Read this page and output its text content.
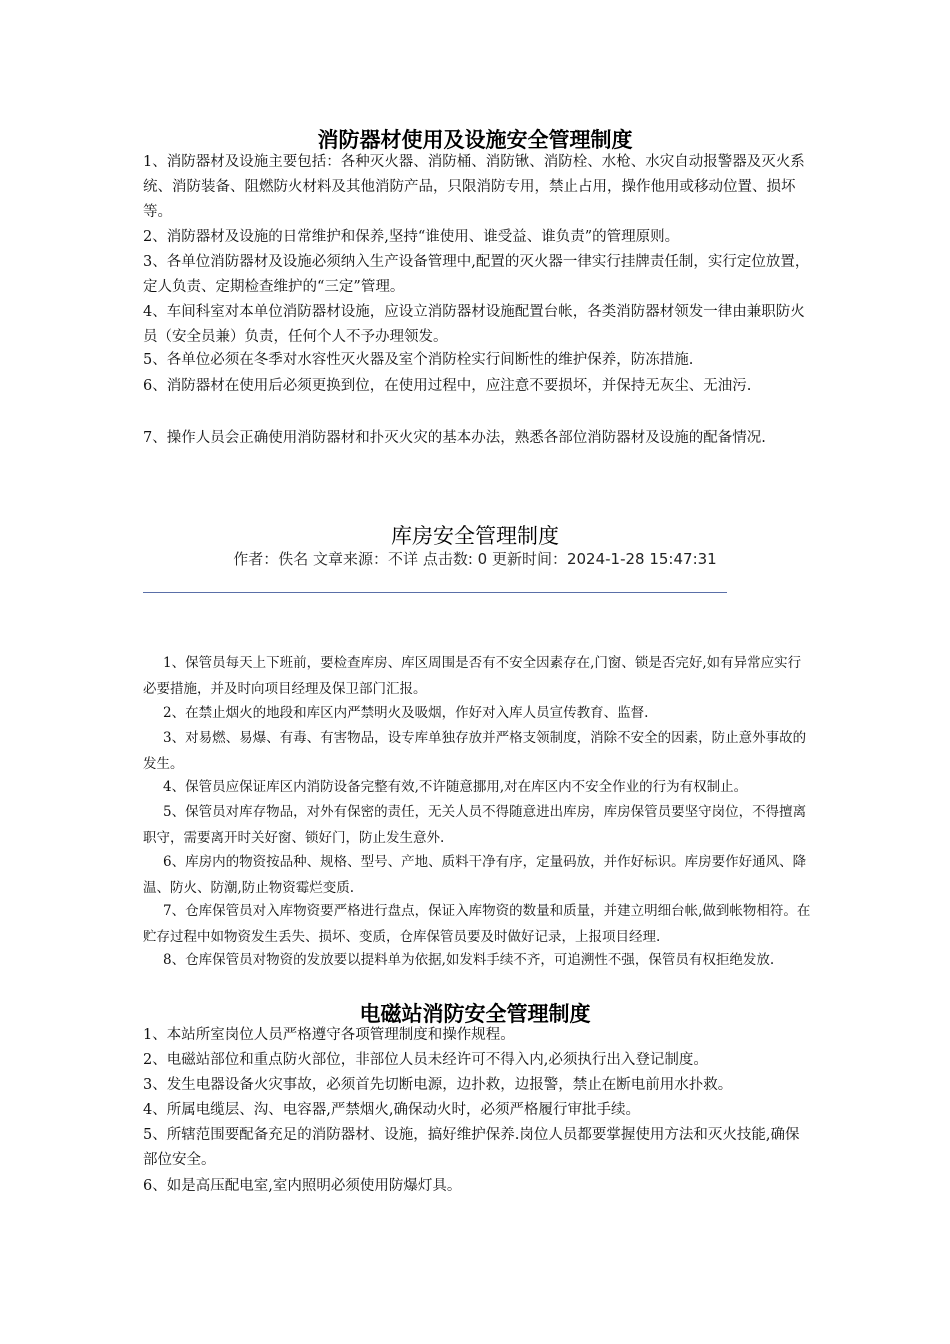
消防器材使用及设施安全管理制度

1、消防器材及设施主要包括：各种灭火器、消防桶、消防锹、消防栓、水枪、水灾自动报警器及灭火系统、消防装备、阻燃防火材料及其他消防产品，只限消防专用，禁止占用，操作他用或移动位置、损坏等。

2、消防器材及设施的日常维护和保养,坚持“谁使用、谁受益、谁负责”的管理原则。

3、各单位消防器材及设施必须纳入生产设备管理中,配置的灭火器一律实行挂牌责任制，实行定位放置，定人负责、定期检查维护的“三定”管理。

4、车间科室对本单位消防器材设施，应设立消防器材设施配置台帐，各类消防器材领发一律由兼职防火员（安全员兼）负责，任何个人不予办理领发。

5、各单位必须在冬季对水容性灭火器及室个消防栓实行间断性的维护保养，防冻措施.

6、消防器材在使用后必须更换到位，在使用过程中，应注意不要损坏，并保持无灰尘、无油污.

7、操作人员会正确使用消防器材和扑灭火灾的基本办法，熟悉各部位消防器材及设施的配备情况.

库房安全管理制度
作者：佚名 文章来源：不详 点击数: 0 更新时间：2024-1-28 15:47:31

1、保管员每天上下班前，要检查库房、库区周围是否有不安全因素存在,门窗、锁是否完好,如有异常应实行必要措施，并及时向项目经理及保卫部门汇报。

2、在禁止烟火的地段和库区内严禁明火及吸烟，作好对入库人员宣传教育、监督.

3、对易燃、易爆、有毒、有害物品，设专库单独存放并严格支领制度，消除不安全的因素，防止意外事故的发生。

4、保管员应保证库区内消防设备完整有效,不许随意挪用,对在库区内不安全作业的行为有权制止。

5、保管员对库存物品，对外有保密的责任，无关人员不得随意进出库房，库房保管员要坚守岗位，不得擅离职守，需要离开时关好窗、锁好门，防止发生意外.

6、库房内的物资按品种、规格、型号、产地、质料干净有序，定量码放，并作好标识。库房要作好通风、降温、防火、防潮,防止物资霉烂变质.

7、仓库保管员对入库物资要严格进行盘点，保证入库物资的数量和质量，并建立明细台帐,做到帐物相符。在贮存过程中如物资发生丢失、损坏、变质，仓库保管员要及时做好记录，上报项目经理.

8、仓库保管员对物资的发放要以提料单为依据,如发料手续不齐，可追溯性不强，保管员有权拒绝发放.

电磁站消防安全管理制度

1、本站所室岗位人员严格遵守各项管理制度和操作规程。

2、电磁站部位和重点防火部位，非部位人员未经许可不得入内,必须执行出入登记制度。

3、发生电器设备火灾事故，必须首先切断电源，边扑救，边报警，禁止在断电前用水扑救。

4、所属电缆层、沟、电容器,严禁烟火,确保动火时，必须严格履行审批手续。

5、所辖范围要配备充足的消防器材、设施，搞好维护保养.岗位人员都要掌握使用方法和灭火技能,确保部位安全。

6、如是高压配电室,室内照明必须使用防爆灯具。
